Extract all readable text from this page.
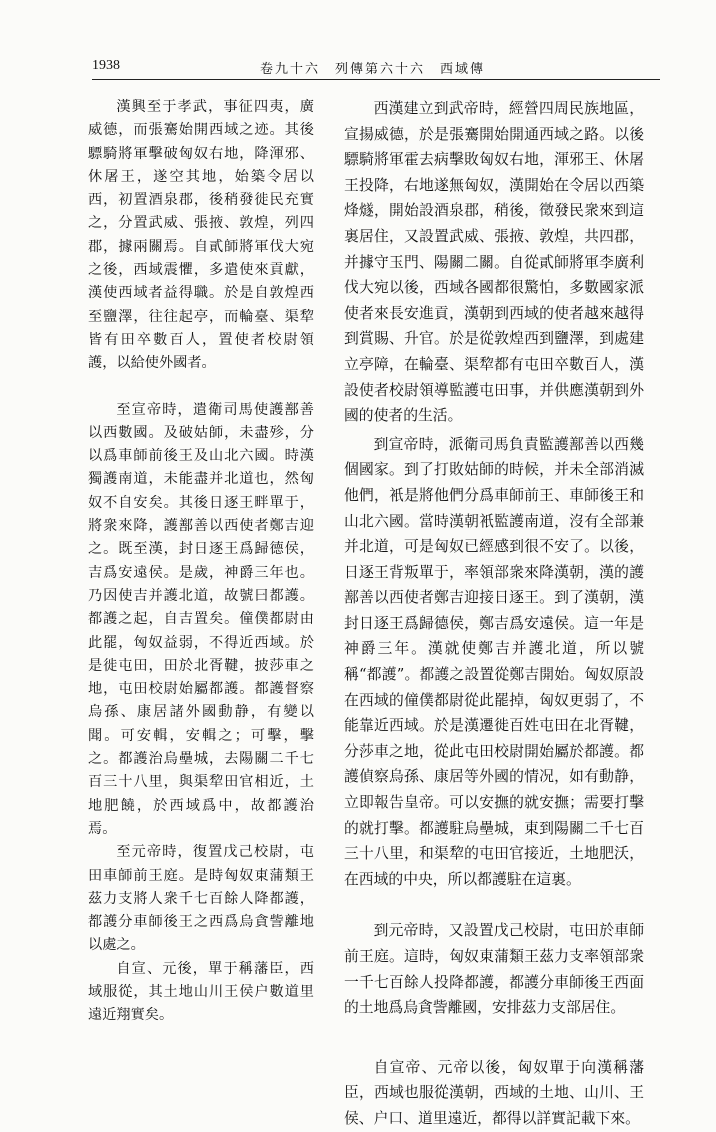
1938	卷九十六　列傳第六十六　西域傳

漢興至于孝武，事征四夷，廣威德，而張騫始開西域之迹。其後驃騎將軍擊破匈奴右地，降渾邪、休屠王，遂空其地，始築令居以西，初置酒泉郡，後稍發徙民充實之，分置武威、張掖、敦煌，列四郡，據兩關焉。自貳師將軍伐大宛之後，西域震懼，多遣使來貢獻，漢使西域者益得職。於是自敦煌西至鹽澤，往往起亭，而輪臺、渠犂皆有田卒數百人，置使者校尉領護，以給使外國者。

至宣帝時，遣衛司馬使護鄯善以西數國。及破姑師，未盡殄，分以爲車師前後王及山北六國。時漢獨護南道，未能盡并北道也，然匈奴不自安矣。其後日逐王畔單于，將衆來降，護鄯善以西使者鄭吉迎之。既至漢，封日逐王爲歸德侯，吉爲安遠侯。是歲，神爵三年也。乃因使吉并護北道，故號曰都護。都護之起，自吉置矣。僮僕都尉由此罷，匈奴益弱，不得近西域。於是徙屯田，田於北胥鞬，披莎車之地，屯田校尉始屬都護。都護督察烏孫、康居諸外國動静，有變以聞。可安輯，安輯之；可擊，擊之。都護治烏壘城，去陽關二千七百三十八里，與渠犂田官相近，土地肥饒，於西域爲中，故都護治焉。

至元帝時，復置戊己校尉，屯田車師前王庭。是時匈奴東蒲類王茲力支將人衆千七百餘人降都護，都護分車師後王之西爲烏貪訾離地以處之。

自宣、元後，單于稱藩臣，西域服從，其土地山川王侯户數道里遠近翔實矣。

西漢建立到武帝時，經營四周民族地區，宣揚威德，於是張騫開始開通西域之路。以後驃騎將軍霍去病擊敗匈奴右地，渾邪王、休屠王投降，右地遂無匈奴，漢開始在令居以西築烽燧，開始設酒泉郡，稍後，徵發民衆來到這裏居住，又設置武威、張掖、敦煌，共四郡，并據守玉門、陽關二關。自從貳師將軍李廣利伐大宛以後，西域各國都很驚怕，多數國家派使者來長安進貢，漢朝到西域的使者越來越得到賞賜、升官。於是從敦煌西到鹽澤，到處建立亭障，在輪臺、渠犂都有屯田卒數百人，漢設使者校尉領導監護屯田事，并供應漢朝到外國的使者的生活。

到宣帝時，派衛司馬負責監護鄯善以西幾個國家。到了打敗姑師的時候，并未全部消滅他們，衹是將他們分爲車師前王、車師後王和山北六國。當時漢朝衹監護南道，沒有全部兼并北道，可是匈奴已經感到很不安了。以後，日逐王背叛單于，率領部衆來降漢朝，漢的護鄯善以西使者鄭吉迎接日逐王。到了漢朝，漢封日逐王爲歸德侯，鄭吉爲安遠侯。這一年是神爵三年。漢就使鄭吉并護北道，所以號稱“都護”。都護之設置從鄭吉開始。匈奴原設在西域的僮僕都尉從此罷掉，匈奴更弱了，不能靠近西域。於是漢遷徙百姓屯田在北胥鞬，分莎車之地，從此屯田校尉開始屬於都護。都護偵察烏孫、康居等外國的情况，如有動静，立即報告皇帝。可以安撫的就安撫；需要打擊的就打擊。都護駐烏壘城，東到陽關二千七百三十八里，和渠犂的屯田官接近，土地肥沃，在西域的中央，所以都護駐在這裏。

到元帝時，又設置戊己校尉，屯田於車師前王庭。這時，匈奴東蒲類王茲力支率領部衆一千七百餘人投降都護，都護分車師後王西面的土地爲烏貪訾離國，安排茲力支部居住。

自宣帝、元帝以後，匈奴單于向漢稱藩臣，西域也服從漢朝，西域的土地、山川、王侯、户口、道里遠近，都得以詳實記載下來。
